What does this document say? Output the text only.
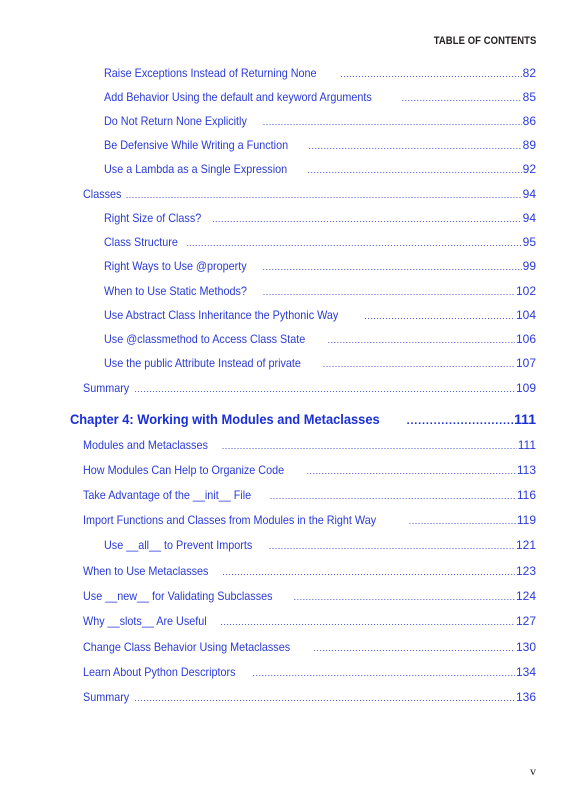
TABLE OF CONTENTS
Raise Exceptions Instead of Returning None .....	82
Add Behavior Using the default and keyword Arguments .....	85
Do Not Return None Explicitly .....	86
Be Defensive While Writing a Function .....	89
Use a Lambda as a Single Expression .....	92
Classes .....	94
Right Size of Class? .....	94
Class Structure .....	95
Right Ways to Use @property .....	99
When to Use Static Methods? .....	102
Use Abstract Class Inheritance the Pythonic Way .....	104
Use @classmethod to Access Class State .....	106
Use the public Attribute Instead of private .....	107
Summary .....	109
Chapter 4: Working with Modules and Metaclasses .....	111
Modules and Metaclasses .....	111
How Modules Can Help to Organize Code .....	113
Take Advantage of the __init__ File .....	116
Import Functions and Classes from Modules in the Right Way .....	119
Use __all__ to Prevent Imports .....	121
When to Use Metaclasses .....	123
Use __new__ for Validating Subclasses .....	124
Why __slots__ Are Useful .....	127
Change Class Behavior Using Metaclasses .....	130
Learn About Python Descriptors .....	134
Summary .....	136
v
